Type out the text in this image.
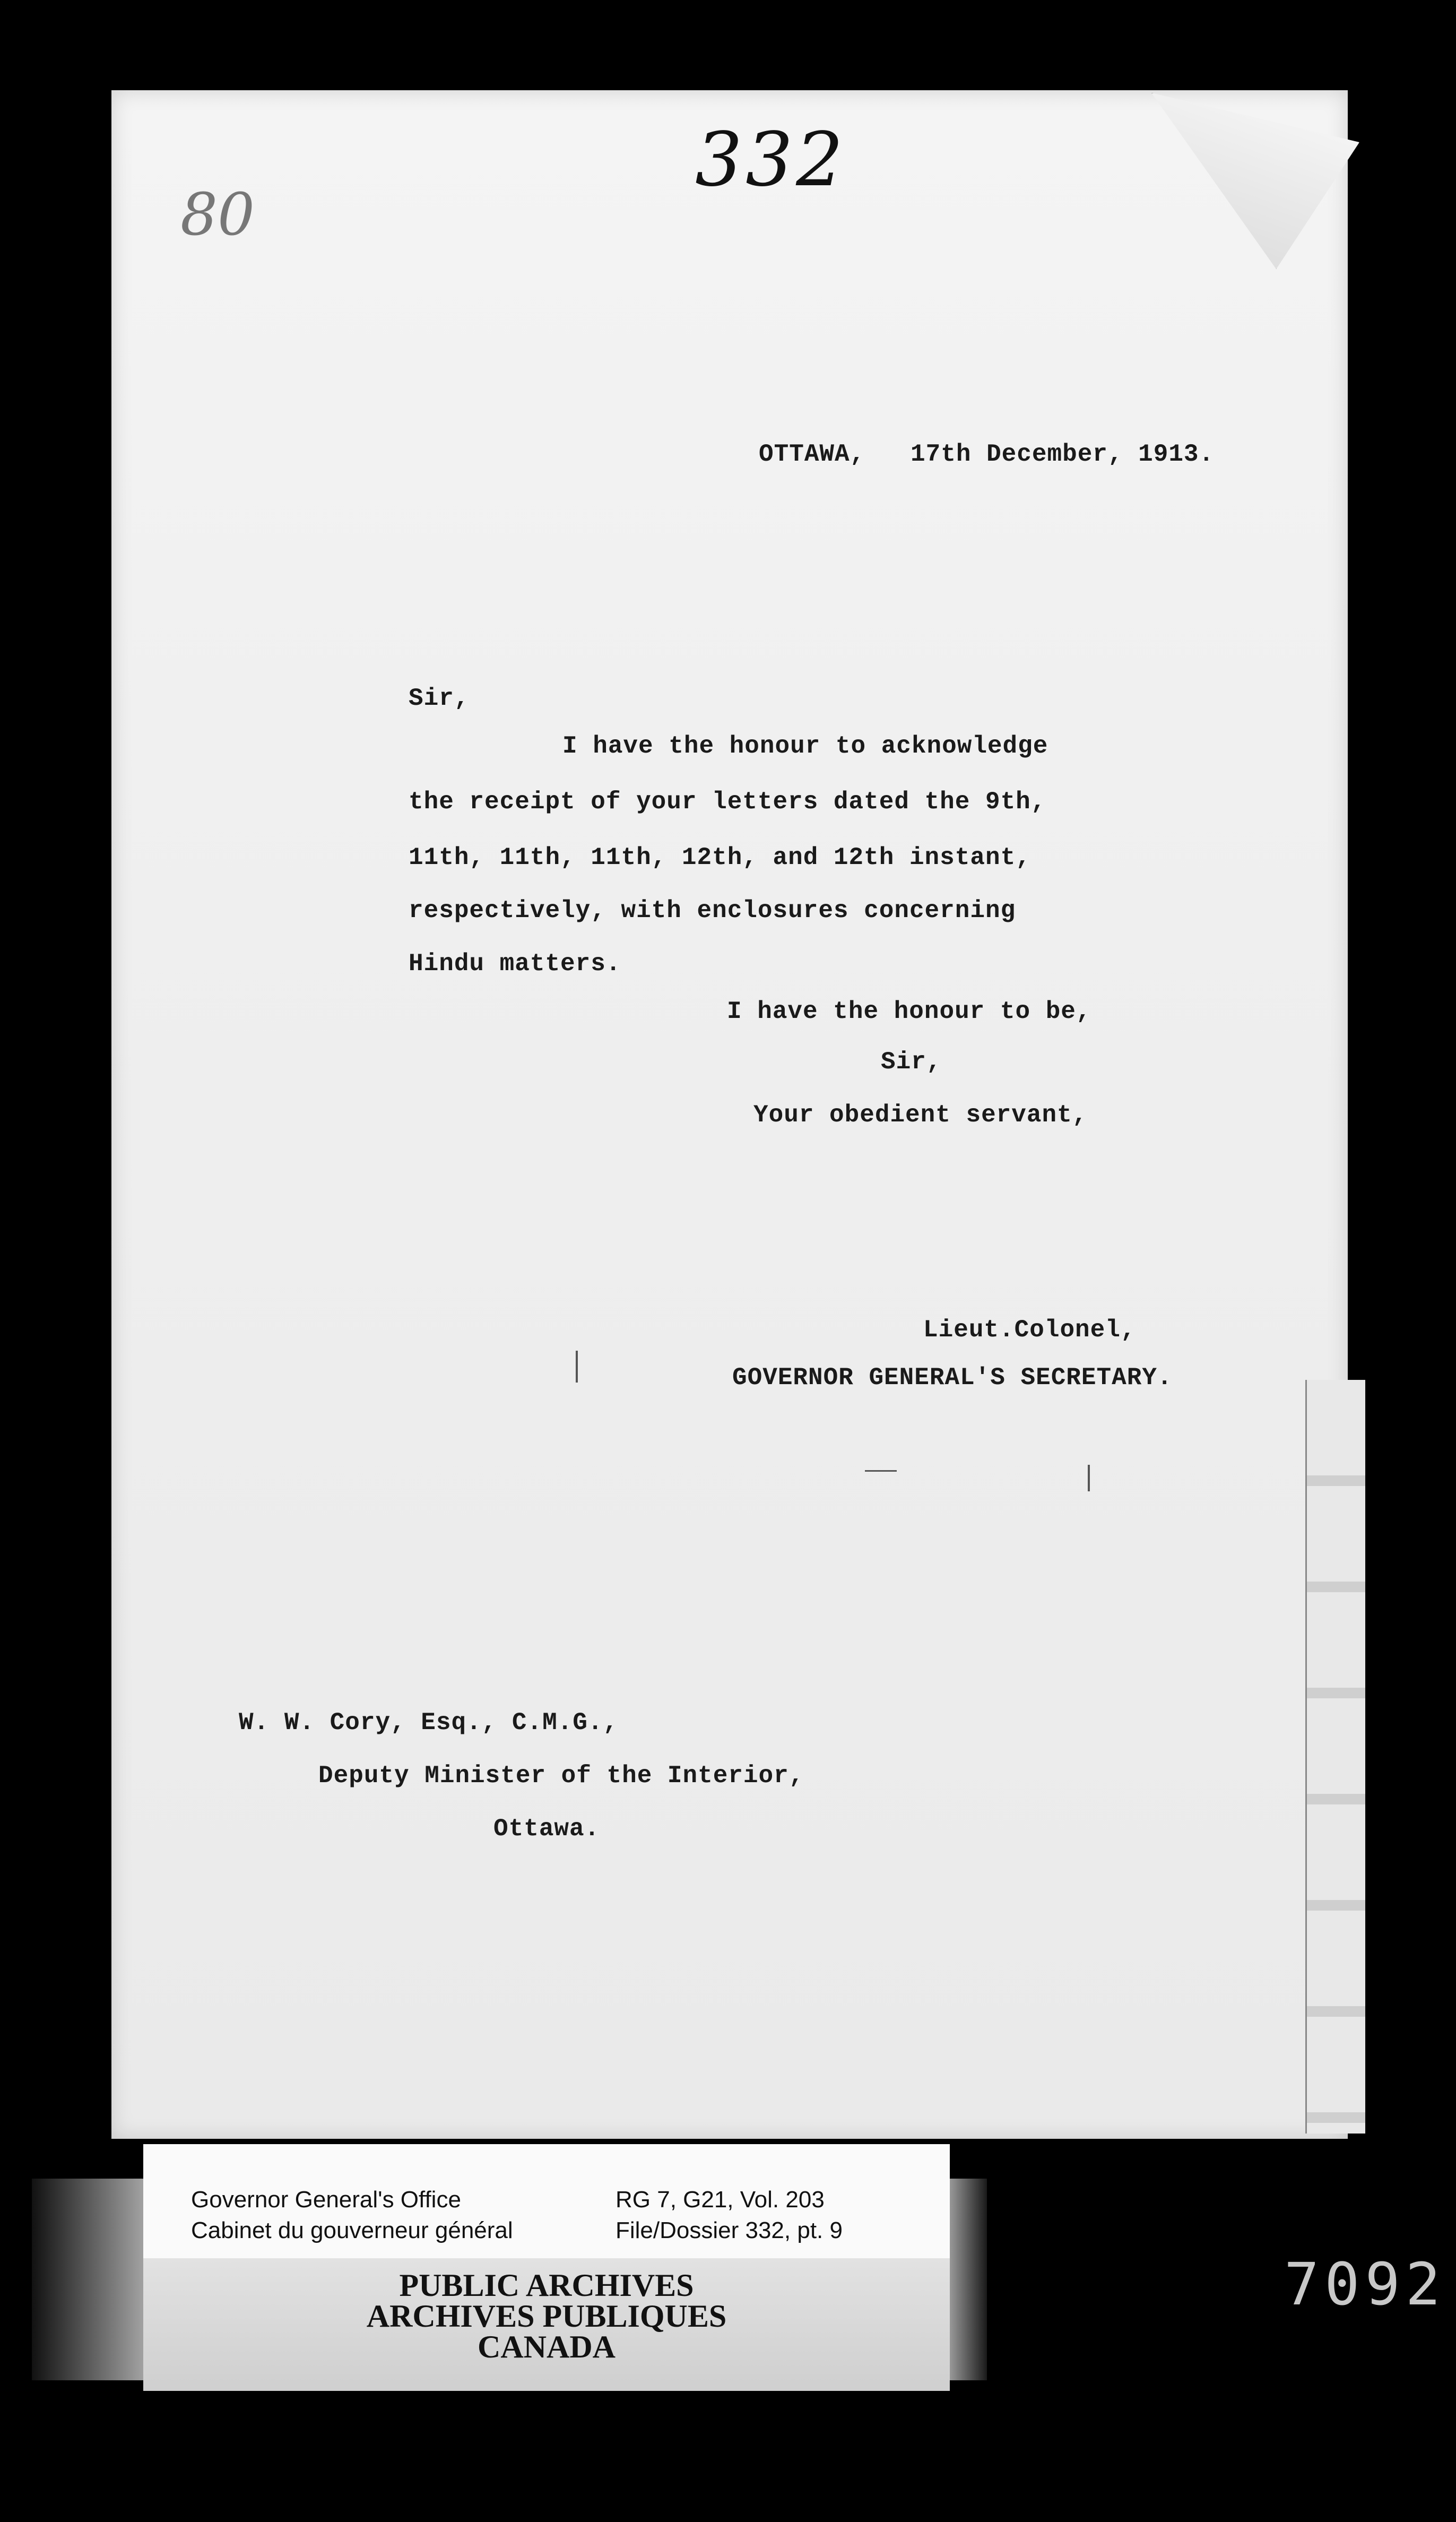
332
80
OTTAWA,   17th December, 1913.
Sir,
I have the honour to acknowledge
the receipt of your letters dated the 9th,
11th, 11th, 11th, 12th, and 12th instant,
respectively, with enclosures concerning
Hindu matters.
I have the honour to be,
Sir,
Your obedient servant,
Lieut.Colonel,
GOVERNOR GENERAL'S SECRETARY.
W. W. Cory, Esq., C.M.G.,
Deputy Minister of the Interior,
Ottawa.
Governor General's Office
Cabinet du gouverneur général
RG 7, G21, Vol. 203
File/Dossier 332, pt. 9
PUBLIC ARCHIVES
ARCHIVES PUBLIQUES
CANADA
7092
